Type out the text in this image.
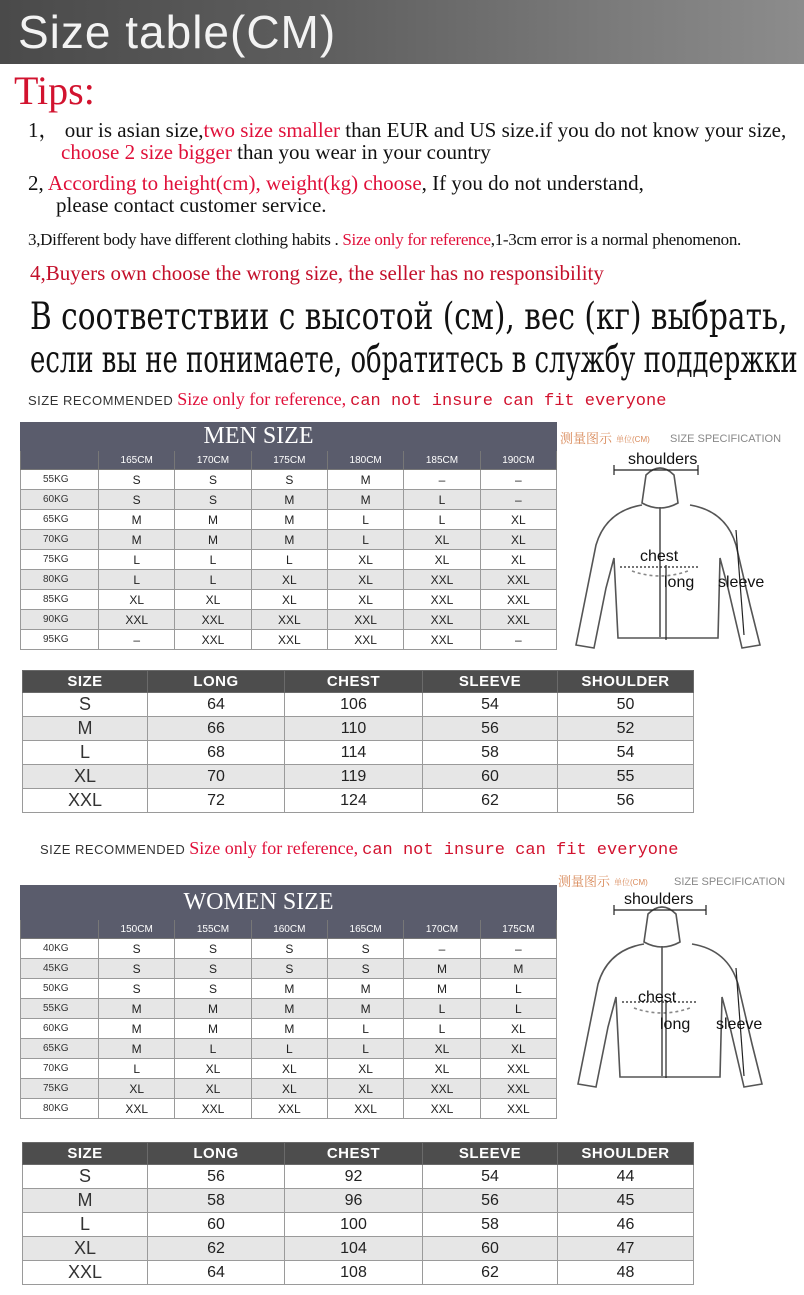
Size table(CM)
Tips:
1， our is asian size,two size smaller than EUR and US size.if you do not know your size,
choose 2 size bigger than you wear in your country
2, According to height(cm), weight(kg) choose, If you do not understand,
please contact customer service.
3,Different body have different clothing habits . Size only for reference,1-3cm error is a normal phenomenon.
4,Buyers own choose the wrong size, the seller has no responsibility
В соответствии с высотой (см), вес (кг) выбрать,
если вы не понимаете, обратитесь в службу поддержки
SIZE RECOMMENDED Size only for reference, can not insure can fit everyone
MEN SIZE						
	165CM	170CM	175CM	180CM	185CM	190CM
55KG	S	S	S	M	–	–
60KG	S	S	M	M	L	–
65KG	M	M	M	L	L	XL
70KG	M	M	M	L	XL	XL
75KG	L	L	L	XL	XL	XL
80KG	L	L	XL	XL	XXL	XXL
85KG	XL	XL	XL	XL	XXL	XXL
90KG	XXL	XXL	XXL	XXL	XXL	XXL
95KG	–	XXL	XXL	XXL	XXL	–
SIZE	LONG	CHEST	SLEEVE	SHOULDER
S	64	106	54	50
M	66	110	56	52
L	68	114	58	54
XL	70	119	60	55
XXL	72	124	62	56
SIZE RECOMMENDED Size only for reference, can not insure can fit everyone
WOMEN SIZE						
	150CM	155CM	160CM	165CM	170CM	175CM
40KG	S	S	S	S	–	–
45KG	S	S	S	S	M	M
50KG	S	S	M	M	M	L
55KG	M	M	M	M	L	L
60KG	M	M	M	L	L	XL
65KG	M	L	L	L	XL	XL
70KG	L	XL	XL	XL	XL	XXL
75KG	XL	XL	XL	XL	XXL	XXL
80KG	XXL	XXL	XXL	XXL	XXL	XXL
SIZE	LONG	CHEST	SLEEVE	SHOULDER
S	56	92	54	44
M	58	96	56	45
L	60	100	58	46
XL	62	104	60	47
XXL	64	108	62	48
测量图示 单位(CM) SIZE SPECIFICATION
shoulders
chest
long sleeve
测量图示 单位(CM) SIZE SPECIFICATION
shoulders
chest
long sleeve
